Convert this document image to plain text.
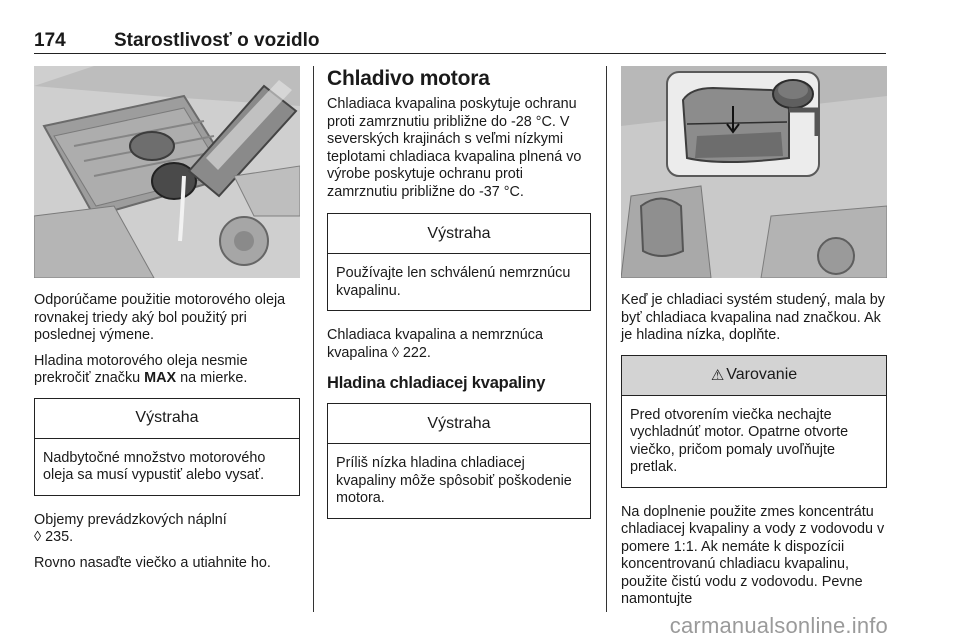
174	Starostlivosť o vozidlo

Odporúčame použitie motorového oleja rovnakej triedy aký bol použitý pri poslednej výmene.

Hladina motorového oleja nesmie prekročiť značku MAX na mierke.

Výstraha
Nadbytočné množstvo motorového oleja sa musí vypustiť alebo vysať.

Objemy prevádzkových náplní
◊ 235.

Rovno nasaďte viečko a utiahnite ho.

Chladivo motora

Chladiaca kvapalina poskytuje ochranu proti zamrznutiu približne do -28 °C. V severských krajinách s veľmi nízkymi teplotami chladiaca kvapalina plnená vo výrobe poskytuje ochranu proti zamrznutiu približne do -37 °C.

Výstraha
Používajte len schválenú nemrznúcu kvapalinu.

Chladiaca kvapalina a nemrznúca kvapalina ◊ 222.

Hladina chladiacej kvapaliny
Výstraha
Príliš nízka hladina chladiacej kvapaliny môže spôsobiť poškodenie motora.

Keď je chladiaci systém studený, mala by byť chladiaca kvapalina nad značkou. Ak je hladina nízka, doplňte.

⚠ Varovanie
Pred otvorením viečka nechajte vychladnúť motor. Opatrne otvorte viečko, pričom pomaly uvoľňujte pretlak.

Na doplnenie použite zmes koncentrátu chladiacej kvapaliny a vody z vodovodu v pomere 1:1. Ak nemáte k dispozícii koncentrovanú chladiacu kvapalinu, použite čistú vodu z vodovodu. Pevne namontujte

carmanualsonline.info
